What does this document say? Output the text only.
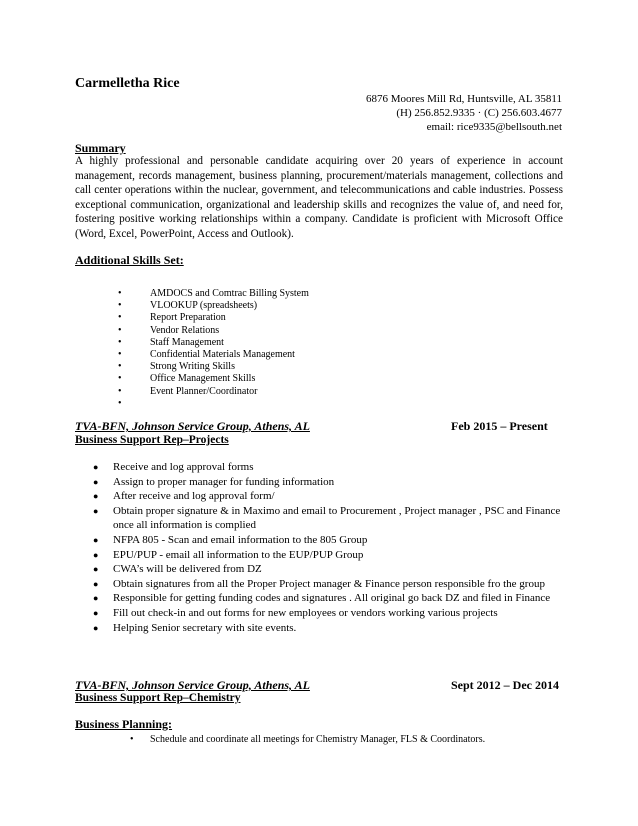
Carmelletha Rice
6876 Moores Mill Rd, Huntsville, AL 35811
(H) 256.852.9335 · (C) 256.603.4677
email: rice9335@bellsouth.net
Summary
A highly professional and personable candidate acquiring over 20 years of experience in account management, records management, business planning, procurement/materials management, collections and call center operations within the nuclear, government, and telecommunications and cable industries. Possess exceptional communication, organizational and leadership skills and recognizes the value of, and need for, fostering positive working relationships within a company. Candidate is proficient with Microsoft Office (Word, Excel, PowerPoint, Access and Outlook).
Additional Skills Set:
•	AMDOCS and Comtrac Billing System
•	VLOOKUP (spreadsheets)
•	Report Preparation
•	Vendor Relations
•	Staff Management
•	Confidential Materials Management
•	Strong Writing Skills
•	Office Management Skills
•	Event Planner/Coordinator
•
TVA-BFN, Johnson Service Group, Athens, AL	Feb 2015 – Present
Business Support Rep–Projects
● Receive and log approval forms
● Assign to proper manager for funding information
● After receive and log approval form/
● Obtain proper signature & in Maximo and email to Procurement , Project manager , PSC and Finance once all information is complied
● NFPA 805 - Scan and email information to the 805 Group
● EPU/PUP - email all information to the EUP/PUP Group
● CWA’s will be delivered from DZ
● Obtain signatures from all the Proper Project manager & Finance person responsible fro the group
● Responsible for getting funding codes and signatures . All original go back DZ and filed in Finance
● Fill out check-in and out forms for new employees or vendors working various projects
● Helping Senior secretary with site events.
TVA-BFN, Johnson Service Group, Athens, AL	Sept 2012 – Dec 2014
Business Support Rep–Chemistry
Business Planning:
• Schedule and coordinate all meetings for Chemistry Manager, FLS & Coordinators.
